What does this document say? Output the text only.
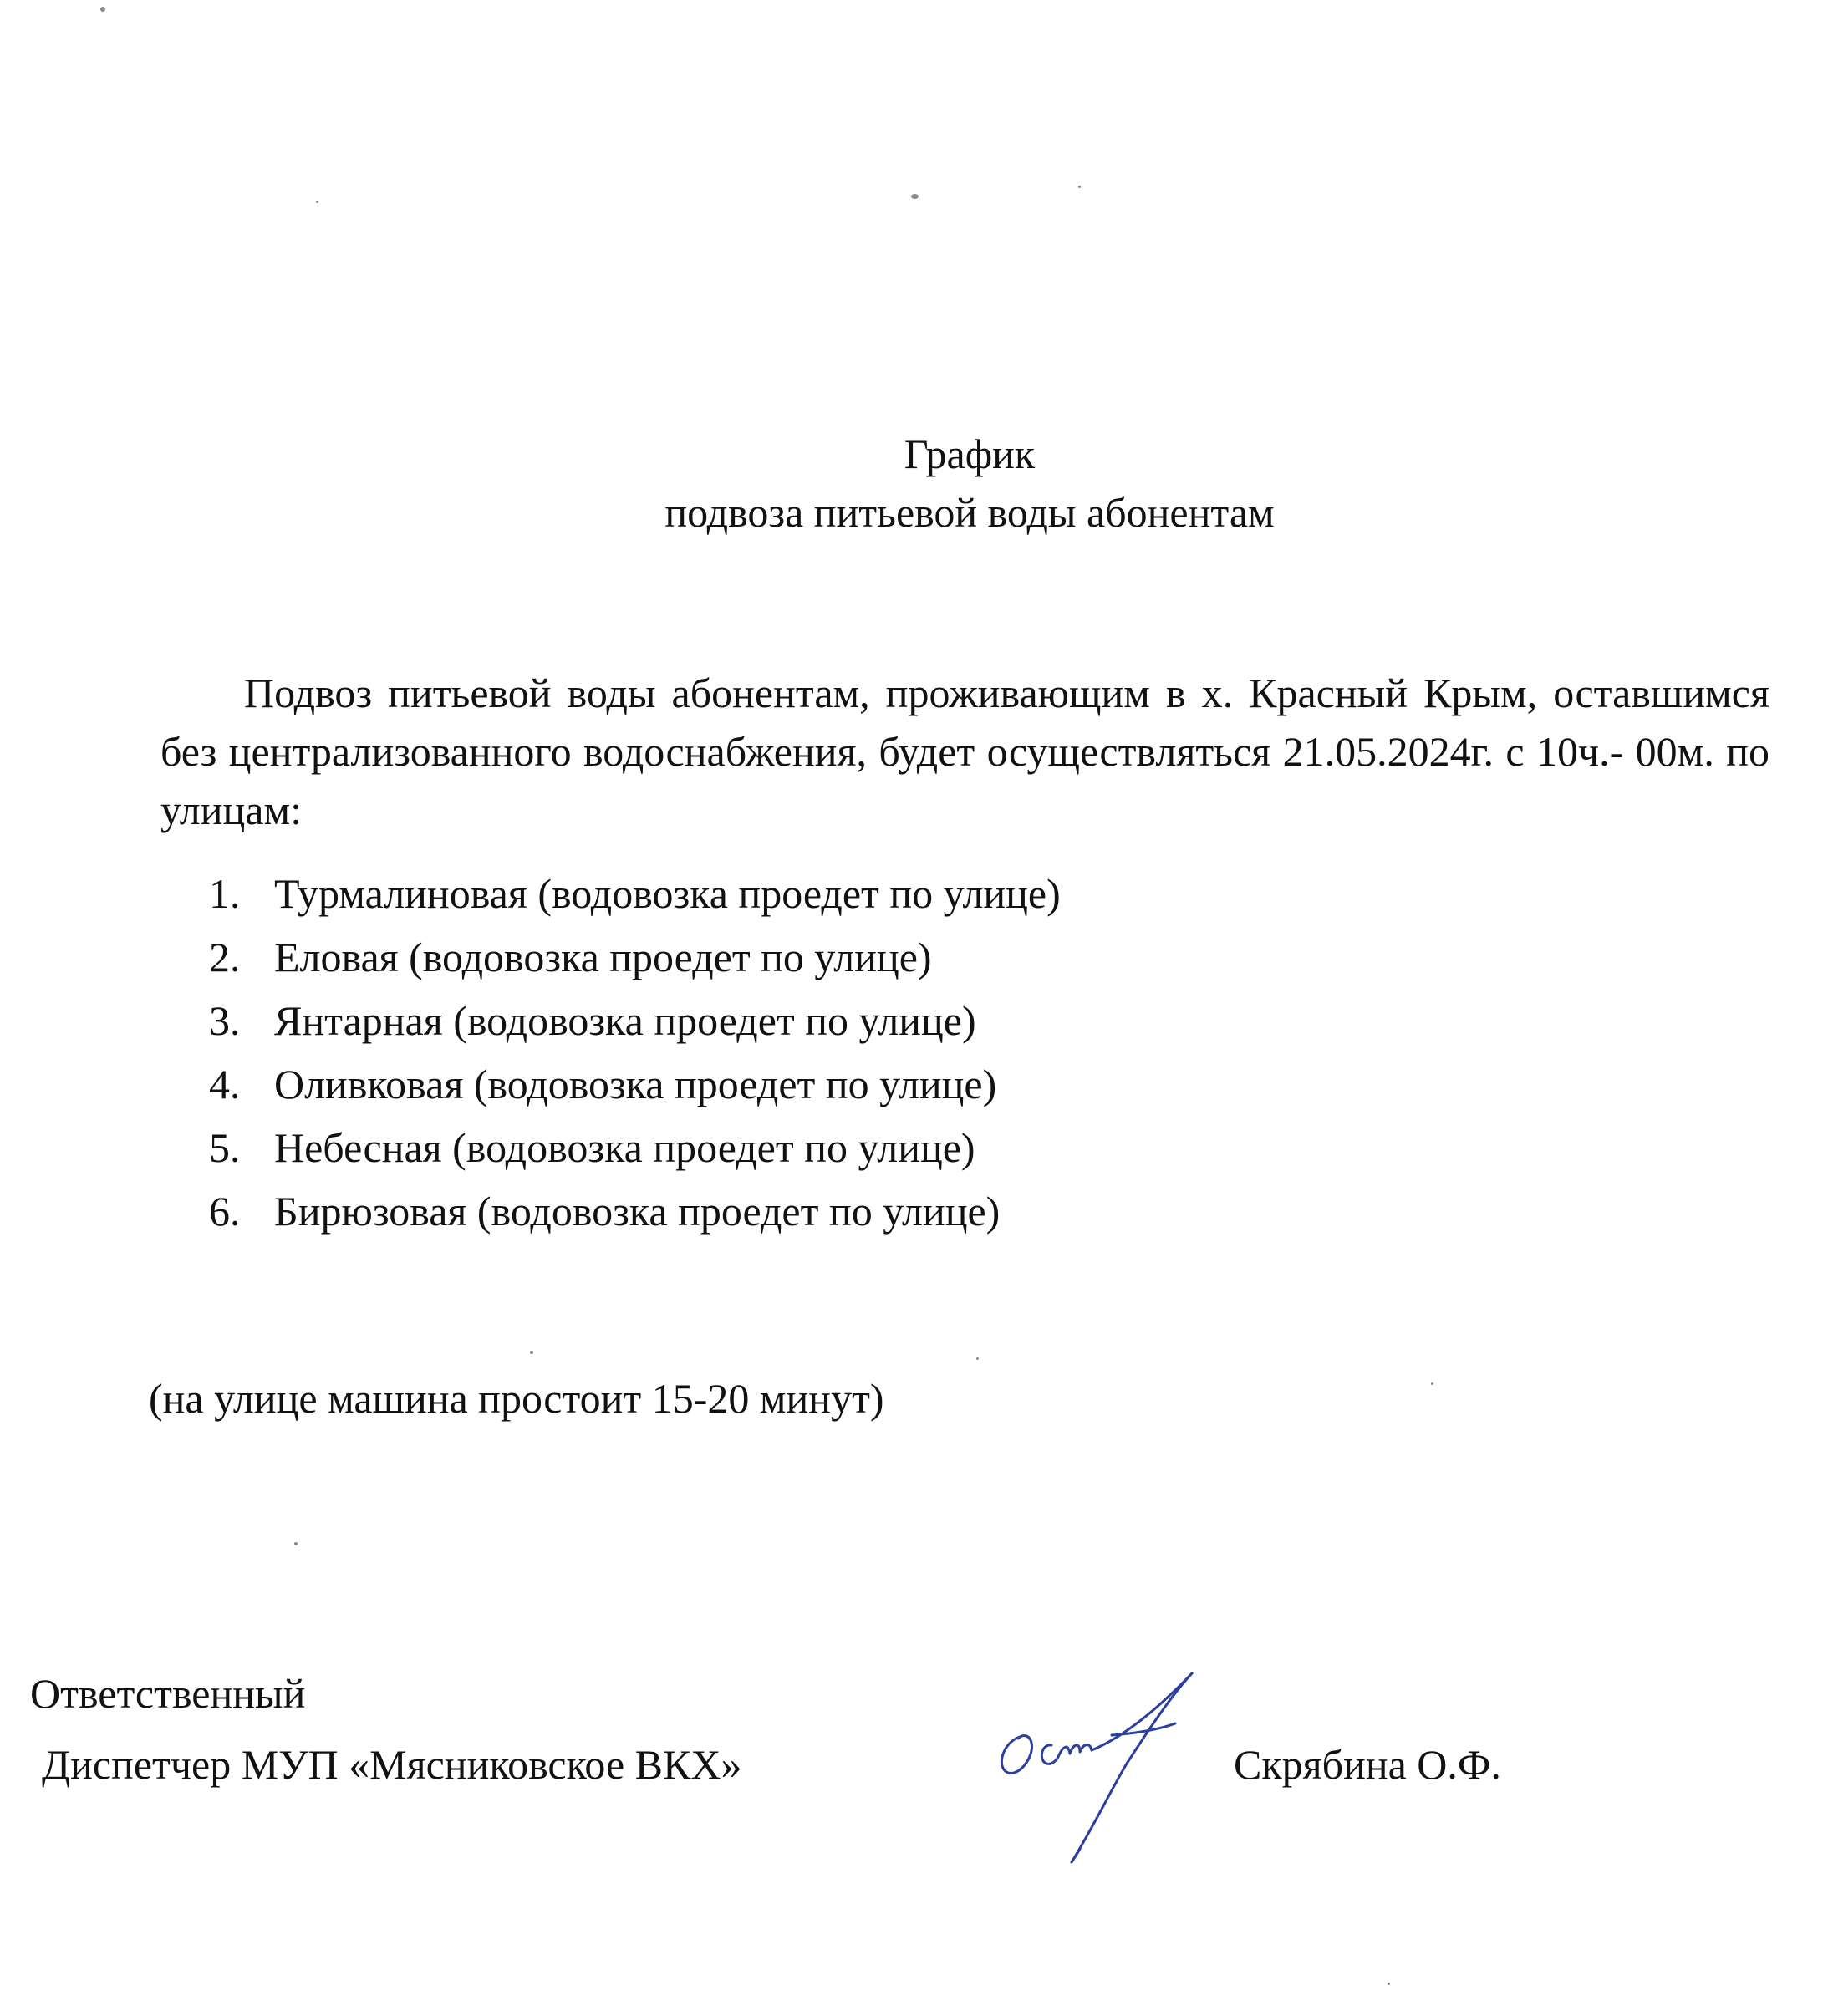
График
подвоза питьевой воды абонентам
Подвоз питьевой воды абонентам, проживающим в х. Красный Крым, оставшимся без централизованного водоснабжения, будет осуществляться 21.05.2024г. с 10ч.- 00м. по улицам:
1. Турмалиновая (водовозка проедет по улице)
2. Еловая (водовозка проедет по улице)
3. Янтарная (водовозка проедет по улице)
4. Оливковая (водовозка проедет по улице)
5. Небесная (водовозка проедет по улице)
6. Бирюзовая (водовозка проедет по улице)
(на улице машина простоит 15-20 минут)
Ответственный
Диспетчер МУП «Мясниковское ВКХ»	Скрябина О.Ф.
